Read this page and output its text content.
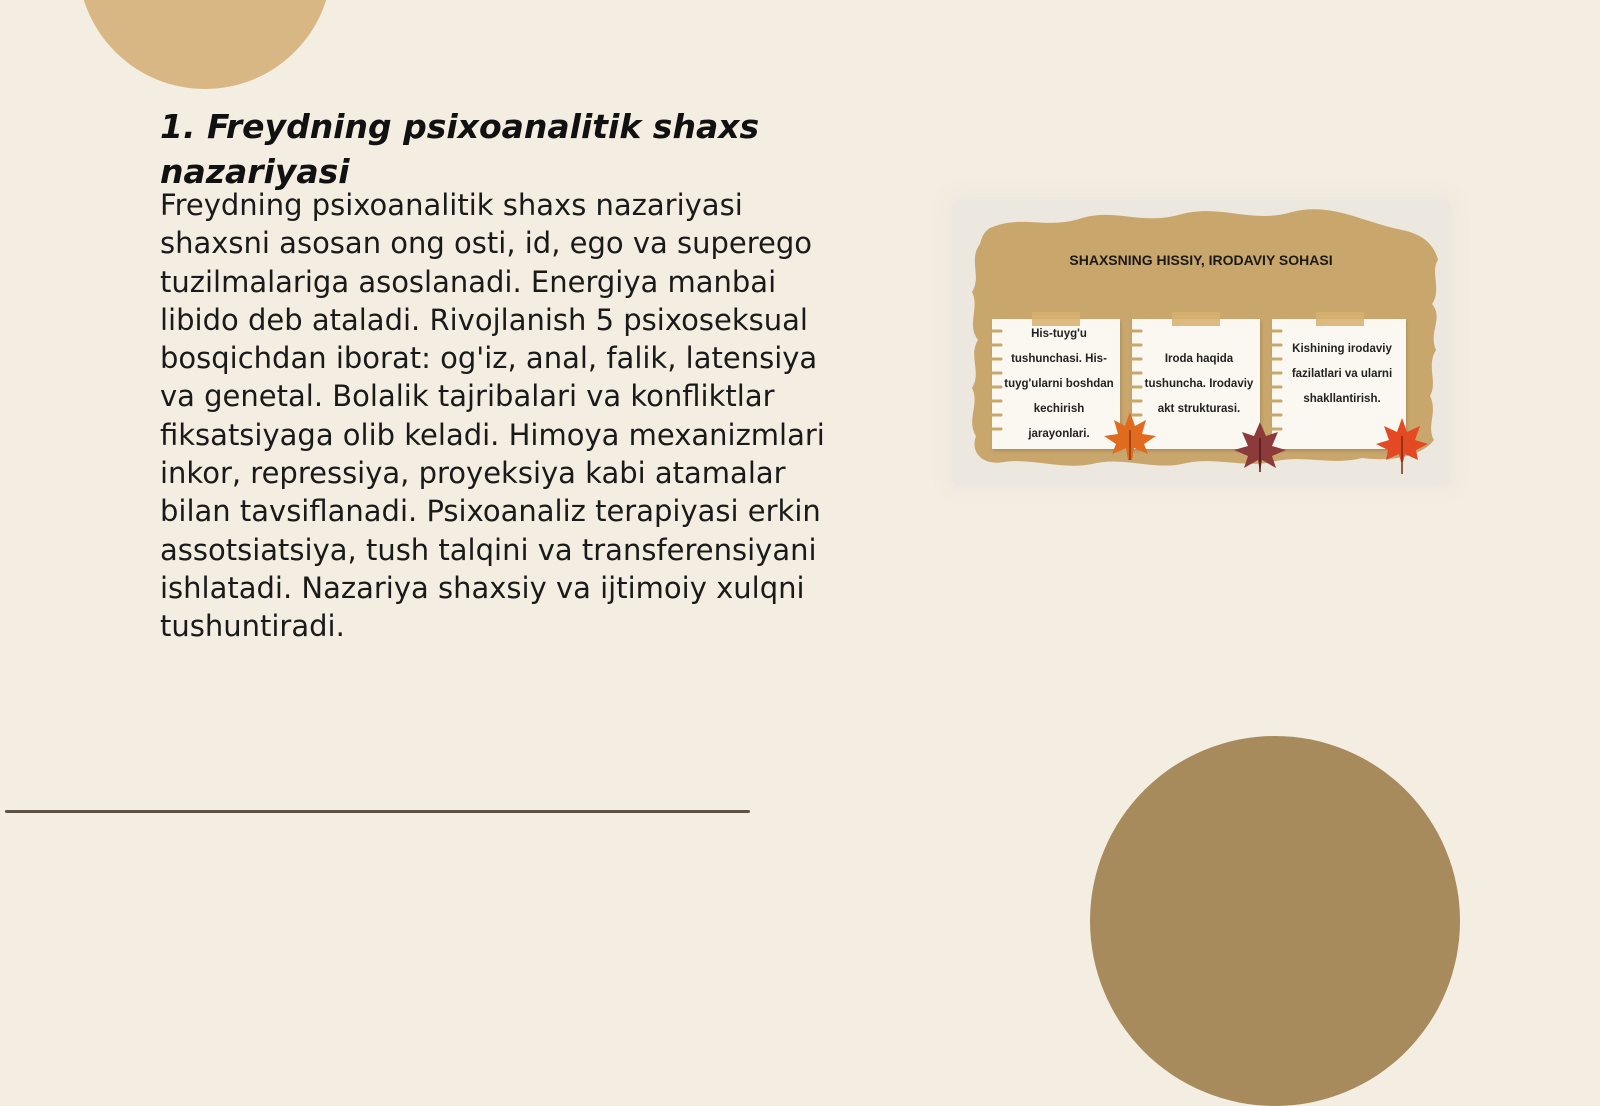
1. Freydning psixoanalitik shaxs nazariyasi

Freydning psixoanalitik shaxs nazariyasi shaxsni asosan ong osti, id, ego va superego tuzilmalariga asoslanadi. Energiya manbai libido deb ataladi. Rivojlanish 5 psixoseksual bosqichdan iborat: og'iz, anal, falik, latensiya va genetal. Bolalik tajribalari va konfliktlar fiksatsiyaga olib keladi. Himoya mexanizmlari inkor, repressiya, proyeksiya kabi atamalar bilan tavsiflanadi. Psixoanaliz terapiyasi erkin assotsiatsiya, tush talqini va transferensiyani ishlatadi. Nazariya shaxsiy va ijtimoiy xulqni tushuntiradi.

SHAXSNING HISSIY, IRODAVIY SOHASI
His-tuyg'u tushunchasi. His-tuyg'ularni boshdan kechirish jarayonlari.
Iroda haqida tushuncha. Irodaviy akt strukturasi.
Kishining irodaviy fazilatlari va ularni shakllantirish.
